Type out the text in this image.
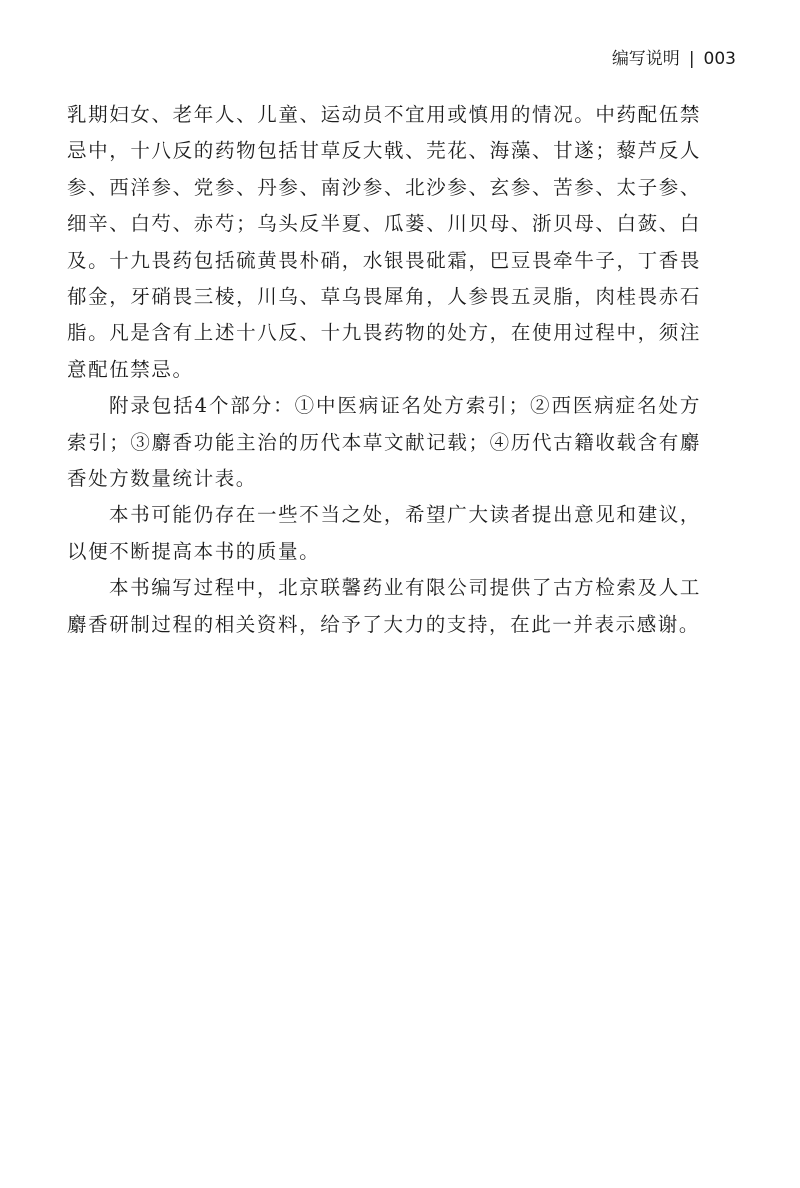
编写说明 | 003

乳期妇女、老年人、儿童、运动员不宜用或慎用的情况。中药配伍禁忌中，十八反的药物包括甘草反大戟、芫花、海藻、甘遂；藜芦反人参、西洋参、党参、丹参、南沙参、北沙参、玄参、苦参、太子参、细辛、白芍、赤芍；乌头反半夏、瓜蒌、川贝母、浙贝母、白蔹、白及。十九畏药包括硫黄畏朴硝，水银畏砒霜，巴豆畏牵牛子，丁香畏郁金，牙硝畏三棱，川乌、草乌畏犀角，人参畏五灵脂，肉桂畏赤石脂。凡是含有上述十八反、十九畏药物的处方，在使用过程中，须注意配伍禁忌。

附录包括4个部分：①中医病证名处方索引；②西医病症名处方索引；③麝香功能主治的历代本草文献记载；④历代古籍收载含有麝香处方数量统计表。

本书可能仍存在一些不当之处，希望广大读者提出意见和建议，以便不断提高本书的质量。

本书编写过程中，北京联馨药业有限公司提供了古方检索及人工麝香研制过程的相关资料，给予了大力的支持，在此一并表示感谢。
